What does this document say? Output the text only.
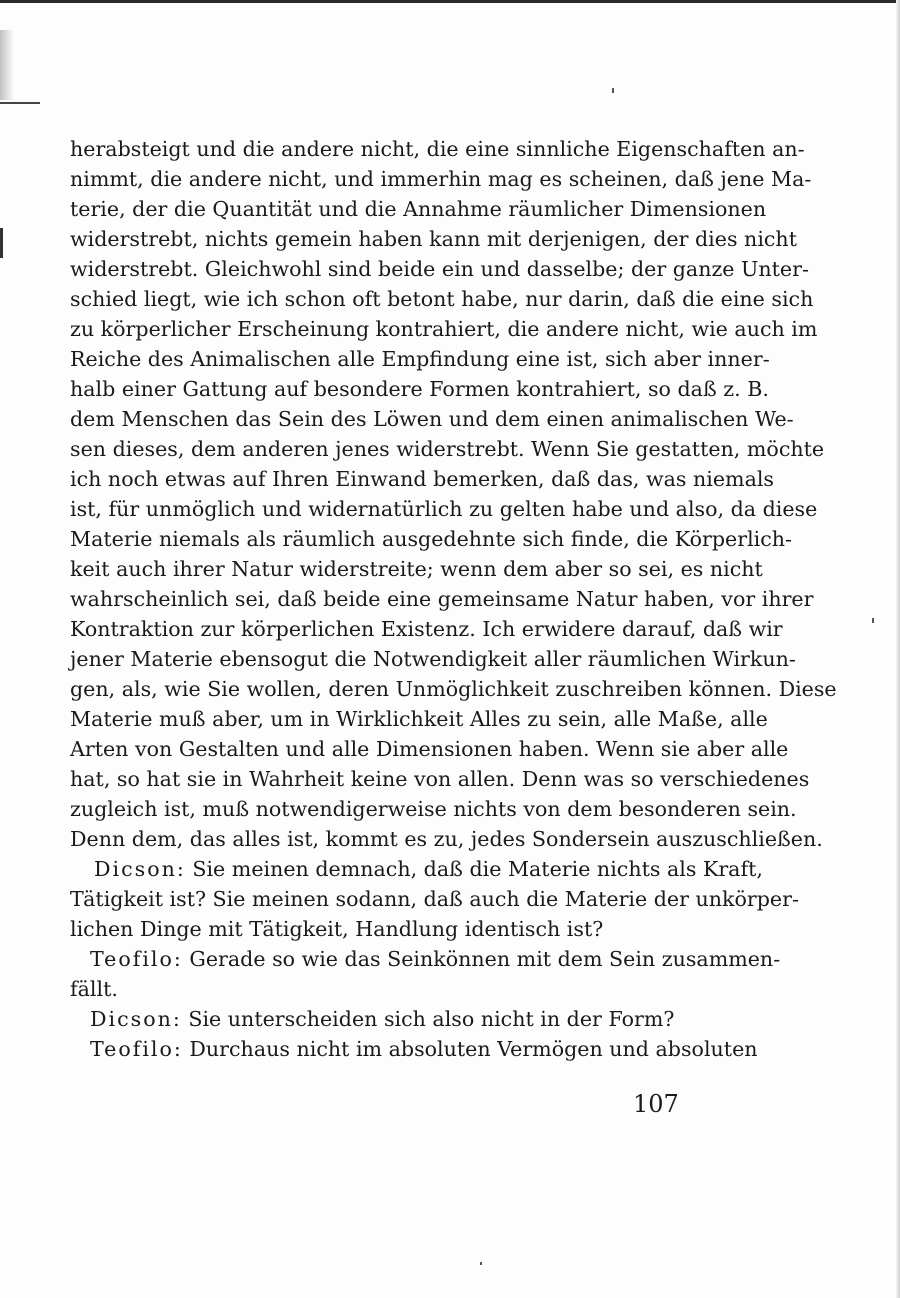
herabsteigt und die andere nicht, die eine sinnliche Eigenschaften an-
nimmt, die andere nicht, und immerhin mag es scheinen, daß jene Ma-
terie, der die Quantität und die Annahme räumlicher Dimensionen
widerstrebt, nichts gemein haben kann mit derjenigen, der dies nicht
widerstrebt. Gleichwohl sind beide ein und dasselbe; der ganze Unter-
schied liegt, wie ich schon oft betont habe, nur darin, daß die eine sich
zu körperlicher Erscheinung kontrahiert, die andere nicht, wie auch im
Reiche des Animalischen alle Empfindung eine ist, sich aber inner-
halb einer Gattung auf besondere Formen kontrahiert, so daß z. B.
dem Menschen das Sein des Löwen und dem einen animalischen We-
sen dieses, dem anderen jenes widerstrebt. Wenn Sie gestatten, möchte
ich noch etwas auf Ihren Einwand bemerken, daß das, was niemals
ist, für unmöglich und widernatürlich zu gelten habe und also, da diese
Materie niemals als räumlich ausgedehnte sich finde, die Körperlich-
keit auch ihrer Natur widerstreite; wenn dem aber so sei, es nicht
wahrscheinlich sei, daß beide eine gemeinsame Natur haben, vor ihrer
Kontraktion zur körperlichen Existenz. Ich erwidere darauf, daß wir
jener Materie ebensogut die Notwendigkeit aller räumlichen Wirkun-
gen, als, wie Sie wollen, deren Unmöglichkeit zuschreiben können. Diese
Materie muß aber, um in Wirklichkeit Alles zu sein, alle Maße, alle
Arten von Gestalten und alle Dimensionen haben. Wenn sie aber alle
hat, so hat sie in Wahrheit keine von allen. Denn was so verschiedenes
zugleich ist, muß notwendigerweise nichts von dem besonderen sein.
Denn dem, das alles ist, kommt es zu, jedes Sondersein auszuschließen.
Dicson: Sie meinen demnach, daß die Materie nichts als Kraft,
Tätigkeit ist? Sie meinen sodann, daß auch die Materie der unkörper-
lichen Dinge mit Tätigkeit, Handlung identisch ist?
Teofilo: Gerade so wie das Seinkönnen mit dem Sein zusammen-
fällt.
Dicson: Sie unterscheiden sich also nicht in der Form?
Teofilo: Durchaus nicht im absoluten Vermögen und absoluten
107
